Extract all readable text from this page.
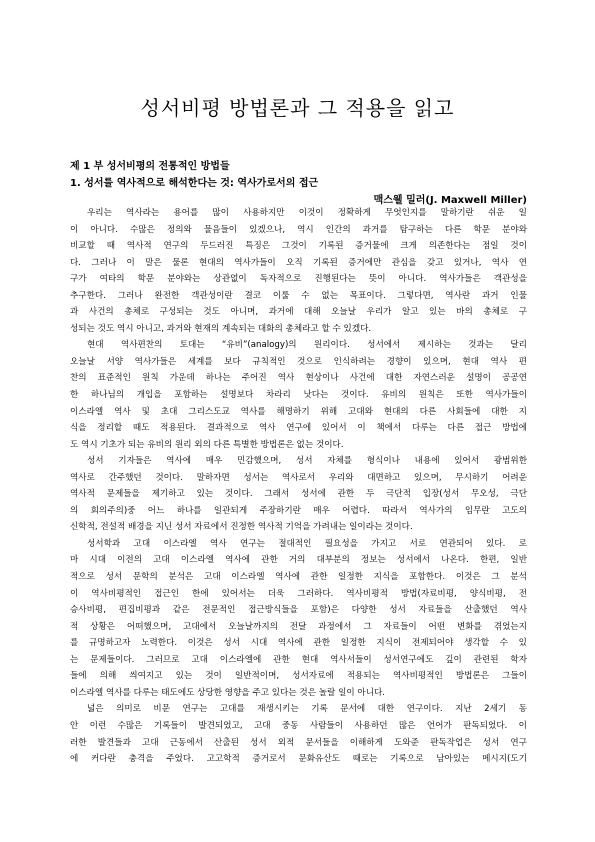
성서비평 방법론과 그 적용을 읽고
제 1 부 성서비평의 전통적인 방법들
1. 성서를 역사적으로 해석한다는 것: 역사가로서의 접근
맥스웰 밀러(J. Maxwell Miller)
우리는 역사라는 용어를 많이 사용하지만 이것이 정확하게 무엇인지를 말하기란 쉬운 일
이 아니다. 수많은 정의와 물음들이 있겠으나, 역시 인간의 과거를 탐구하는 다른 학문 분야와
비교할 때 역사적 연구의 두드러진 특징은 그것이 기록된 증거물에 크게 의존한다는 점일 것이
다. 그러나 이 말은 물론 현대의 역사가들이 오직 기록된 증거에만 관심을 갖고 있거나, 역사 연
구가 여타의 학문 분야와는 상관없이 독자적으로 진행된다는 뜻이 아니다. 역사가들은 객관성을
추구한다. 그러나 완전한 객관성이란 결코 이룰 수 없는 목표이다. 그렇다면, 역사란 과거 인물
과 사건의 총체로 구성되는 것도 아니며, 과거에 대해 오늘날 우리가 알고 있는 바의 총체로 구
성되는 것도 역시 아니고, 과거와 현재의 계속되는 대화의 총체라고 할 수 있겠다.
현대 역사편찬의 토대는 “유비”(analogy)의 원리이다. 성서에서 제시하는 것과는 달리
오늘날 서양 역사가들은 세계를 보다 규칙적인 것으로 인식하려는 경향이 있으며, 현대 역사 편
찬의 표준적인 원칙 가운데 하나는 주어진 역사 현상이나 사건에 대한 자연스러운 설명이 공공연
한 하나님의 개입을 포함하는 설명보다 차라리 낫다는 것이다. 유비의 원칙은 또한 역사가들이
이스라엘 역사 및 초대 그리스도교 역사를 해명하기 위해 고대와 현대의 다른 사회들에 대한 지
식을 정리할 때도 적용된다. 결과적으로 역사 연구에 있어서 이 책에서 다루는 다른 접근 방법에
도 역시 기초가 되는 유비의 원리 외의 다른 특별한 방법론은 없는 것이다.
성서 기자들은 역사에 매우 민감했으며, 성서 자체를 형식이나 내용에 있어서 광범위한
역사로 간주했던 것이다. 말하자면 성서는 역사로서 우리와 대면하고 있으며, 무시하기 어려운
역사적 문제들을 제기하고 있는 것이다. 그래서 성서에 관한 두 극단적 입장(성서 무오성, 극단
의 회의주의)중 어느 하나를 일관되게 주장하기란 매우 어렵다. 따라서 역사가의 임무란 고도의
신학적, 전설적 배경을 지닌 성서 자료에서 진정한 역사적 기억을 가려내는 일이라는 것이다.
성서학과 고대 이스라엘 역사 연구는 절대적인 필요성을 가지고 서로 연관되어 있다. 로
마 시대 이전의 고대 이스라엘 역사에 관한 거의 대부분의 정보는 성서에서 나온다. 한편, 일반
적으로 성서 문학의 분석은 고대 이스라엘 역사에 관한 일정한 지식을 포함한다. 이것은 그 분석
이 역사비평적인 접근인 한에 있어서는 더욱 그러하다. 역사비평적 방법(자료비평, 양식비평, 전
승사비평, 편집비평과 같은 전문적인 접근방식들을 포함)은 다양한 성서 자료들을 산출했던 역사
적 상황은 어떠했으며, 고대에서 오늘날까지의 전달 과정에서 그 자료들이 어떤 변화를 겪었는지
를 규명하고자 노력한다. 이것은 성서 시대 역사에 관한 일정한 지식이 전제되어야 생각할 수 있
는 문제들이다. 그러므로 고대 이스라엘에 관한 현대 역사서들이 성서연구에도 깊이 관련된 학자
들에 의해 씌여지고 있는 것이 일반적이며, 성서자료에 적용되는 역사비평적인 방법론은 그들이
이스라엘 역사를 다루는 태도에도 상당한 영향을 주고 있다는 것은 놀랄 일이 아니다.
넓은 의미로 비문 연구는 고대를 재생시키는 기록 문서에 대한 연구이다. 지난 2세기 동
안 이런 수많은 기록들이 발견되었고, 고대 중동 사람들이 사용하던 많은 언어가 판독되었다. 이
러한 발견들과 고대 근동에서 산출된 성서 외적 문서들을 이해하게 도와준 판독작업은 성서 연구
에 커다란 충격을 주었다. 고고학적 증거로서 문화유산도 때로는 기록으로 남아있는 메시지(도기
